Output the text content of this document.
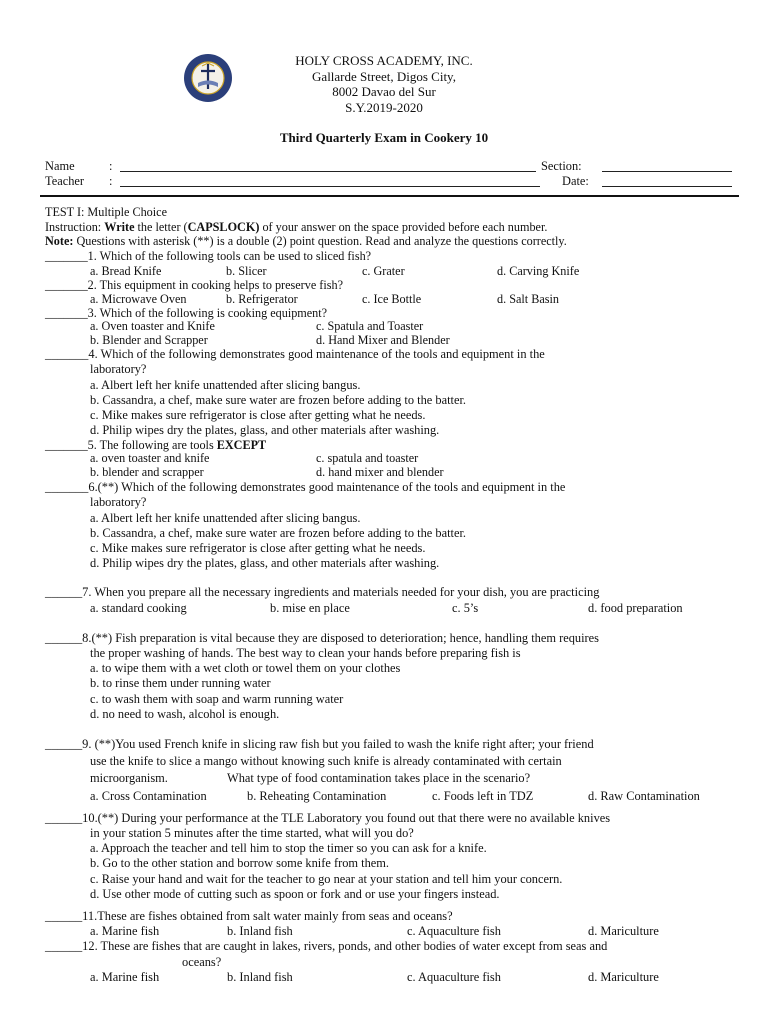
HOLY CROSS ACADEMY, INC.
Gallarde Street, Digos City,
8002 Davao del Sur
S.Y.2019-2020
Third Quarterly Exam in Cookery 10
Name	:	Section:
Teacher :	Date:
TEST I: Multiple Choice
Instruction: Write the letter (CAPSLOCK) of your answer on the space provided before each number.
Note: Questions with asterisk (**) is a double (2) point question. Read and analyze the questions correctly.
_______1. Which of the following tools can be used to sliced fish?
a. Bread Knife	b. Slicer	c. Grater	d. Carving Knife
_______2. This equipment in cooking helps to preserve fish?
a. Microwave Oven	b. Refrigerator	c. Ice Bottle	d. Salt Basin
_______3. Which of the following is cooking equipment?
a. Oven toaster and Knife	c. Spatula and Toaster
b. Blender and Scrapper	d. Hand Mixer and Blender
_______4. Which of the following demonstrates good maintenance of the tools and equipment in the
laboratory?
a. Albert left her knife unattended after slicing bangus.
b. Cassandra, a chef, make sure water are frozen before adding to the batter.
c. Mike makes sure refrigerator is close after getting what he needs.
d. Philip wipes dry the plates, glass, and other materials after washing.
_______5. The following are tools EXCEPT
a. oven toaster and knife	c. spatula and toaster
b. blender and scrapper	d. hand mixer and blender
_______6.(**) Which of the following demonstrates good maintenance of the tools and equipment in the
laboratory?
a. Albert left her knife unattended after slicing bangus.
b. Cassandra, a chef, make sure water are frozen before adding to the batter.
c. Mike makes sure refrigerator is close after getting what he needs.
d. Philip wipes dry the plates, glass, and other materials after washing.
______7. When you prepare all the necessary ingredients and materials needed for your dish, you are practicing
a. standard cooking	b. mise en place	c. 5’s	d. food preparation
______8.(**) Fish preparation is vital because they are disposed to deterioration; hence, handling them requires
the proper washing of hands. The best way to clean your hands before preparing fish is
a. to wipe them with a wet cloth or towel them on your clothes
b. to rinse them under running water
c. to wash them with soap and warm running water
d. no need to wash, alcohol is enough.
______9. (**)You used French knife in slicing raw fish but you failed to wash the knife right after; your friend
use the knife to slice a mango without knowing such knife is already contaminated with certain
microorganism.	What type of food contamination takes place in the scenario?
a. Cross Contamination	b. Reheating Contamination	c. Foods left in TDZ	d. Raw Contamination
______10.(**) During your performance at the TLE Laboratory you found out that there were no available knives
in your station 5 minutes after the time started, what will you do?
a. Approach the teacher and tell him to stop the timer so you can ask for a knife.
b. Go to the other station and borrow some knife from them.
c. Raise your hand and wait for the teacher to go near at your station and tell him your concern.
d. Use other mode of cutting such as spoon or fork and or use your fingers instead.
______11.These are fishes obtained from salt water mainly from seas and oceans?
a. Marine fish	b. Inland fish	c. Aquaculture fish	d. Mariculture
______12. These are fishes that are caught in lakes, rivers, ponds, and other bodies of water except from seas and
oceans?
a. Marine fish	b. Inland fish	c. Aquaculture fish	d. Mariculture
